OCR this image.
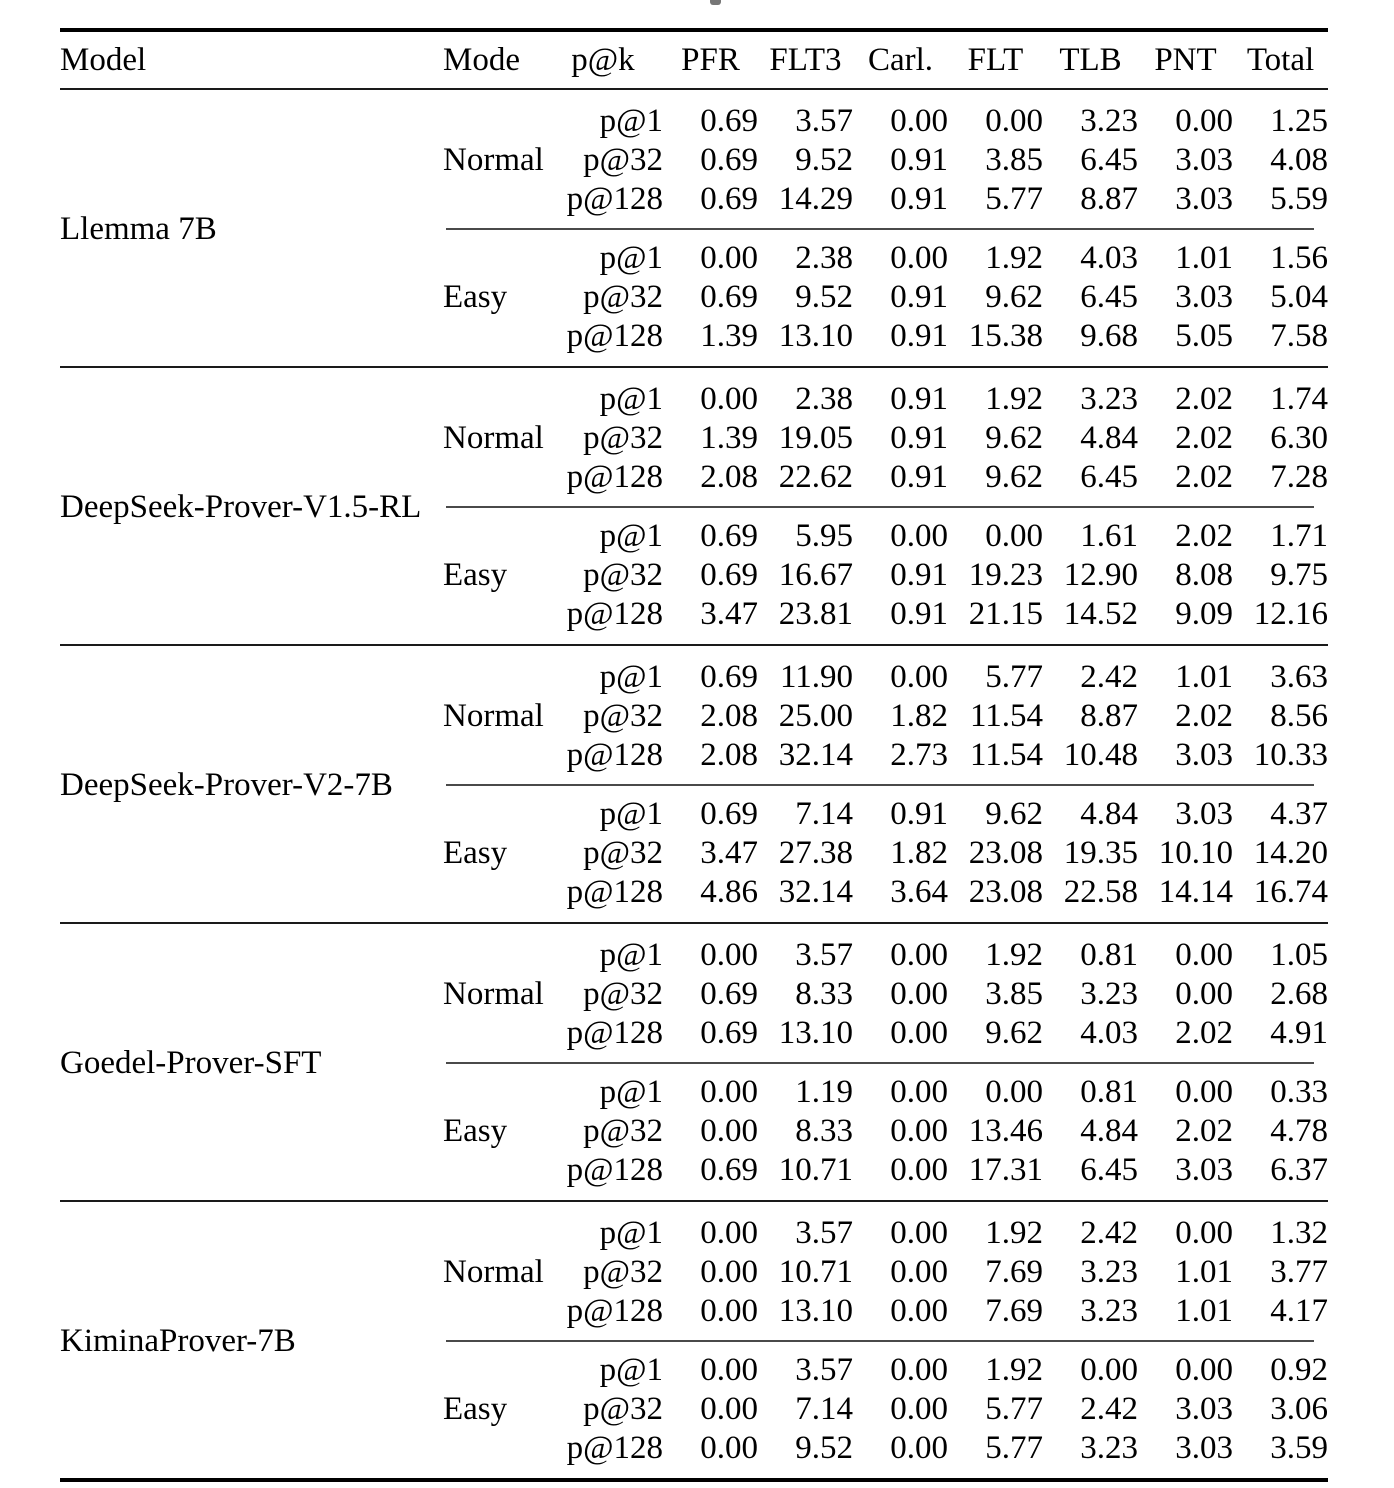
Model	Mode	p@k	PFR	FLT3	Carl.	FLT	TLB	PNT	Total

Llemma 7B	Normal	p@1	0.69	3.57	0.00	0.00	3.23	0.00	1.25
		p@32	0.69	9.52	0.91	3.85	6.45	3.03	4.08
		p@128	0.69	14.29	0.91	5.77	8.87	3.03	5.59

	Easy	p@1	0.00	2.38	0.00	1.92	4.03	1.01	1.56
		p@32	0.69	9.52	0.91	9.62	6.45	3.03	5.04
		p@128	1.39	13.10	0.91	15.38	9.68	5.05	7.58

DeepSeek-Prover-V1.5-RL	Normal	p@1	0.00	2.38	0.91	1.92	3.23	2.02	1.74
		p@32	1.39	19.05	0.91	9.62	4.84	2.02	6.30
		p@128	2.08	22.62	0.91	9.62	6.45	2.02	7.28

	Easy	p@1	0.69	5.95	0.00	0.00	1.61	2.02	1.71
		p@32	0.69	16.67	0.91	19.23	12.90	8.08	9.75
		p@128	3.47	23.81	0.91	21.15	14.52	9.09	12.16

DeepSeek-Prover-V2-7B	Normal	p@1	0.69	11.90	0.00	5.77	2.42	1.01	3.63
		p@32	2.08	25.00	1.82	11.54	8.87	2.02	8.56
		p@128	2.08	32.14	2.73	11.54	10.48	3.03	10.33

	Easy	p@1	0.69	7.14	0.91	9.62	4.84	3.03	4.37
		p@32	3.47	27.38	1.82	23.08	19.35	10.10	14.20
		p@128	4.86	32.14	3.64	23.08	22.58	14.14	16.74

Goedel-Prover-SFT	Normal	p@1	0.00	3.57	0.00	1.92	0.81	0.00	1.05
		p@32	0.69	8.33	0.00	3.85	3.23	0.00	2.68
		p@128	0.69	13.10	0.00	9.62	4.03	2.02	4.91

	Easy	p@1	0.00	1.19	0.00	0.00	0.81	0.00	0.33
		p@32	0.00	8.33	0.00	13.46	4.84	2.02	4.78
		p@128	0.69	10.71	0.00	17.31	6.45	3.03	6.37

KiminaProver-7B	Normal	p@1	0.00	3.57	0.00	1.92	2.42	0.00	1.32
		p@32	0.00	10.71	0.00	7.69	3.23	1.01	3.77
		p@128	0.00	13.10	0.00	7.69	3.23	1.01	4.17

	Easy	p@1	0.00	3.57	0.00	1.92	0.00	0.00	0.92
		p@32	0.00	7.14	0.00	5.77	2.42	3.03	3.06
		p@128	0.00	9.52	0.00	5.77	3.23	3.03	3.59
